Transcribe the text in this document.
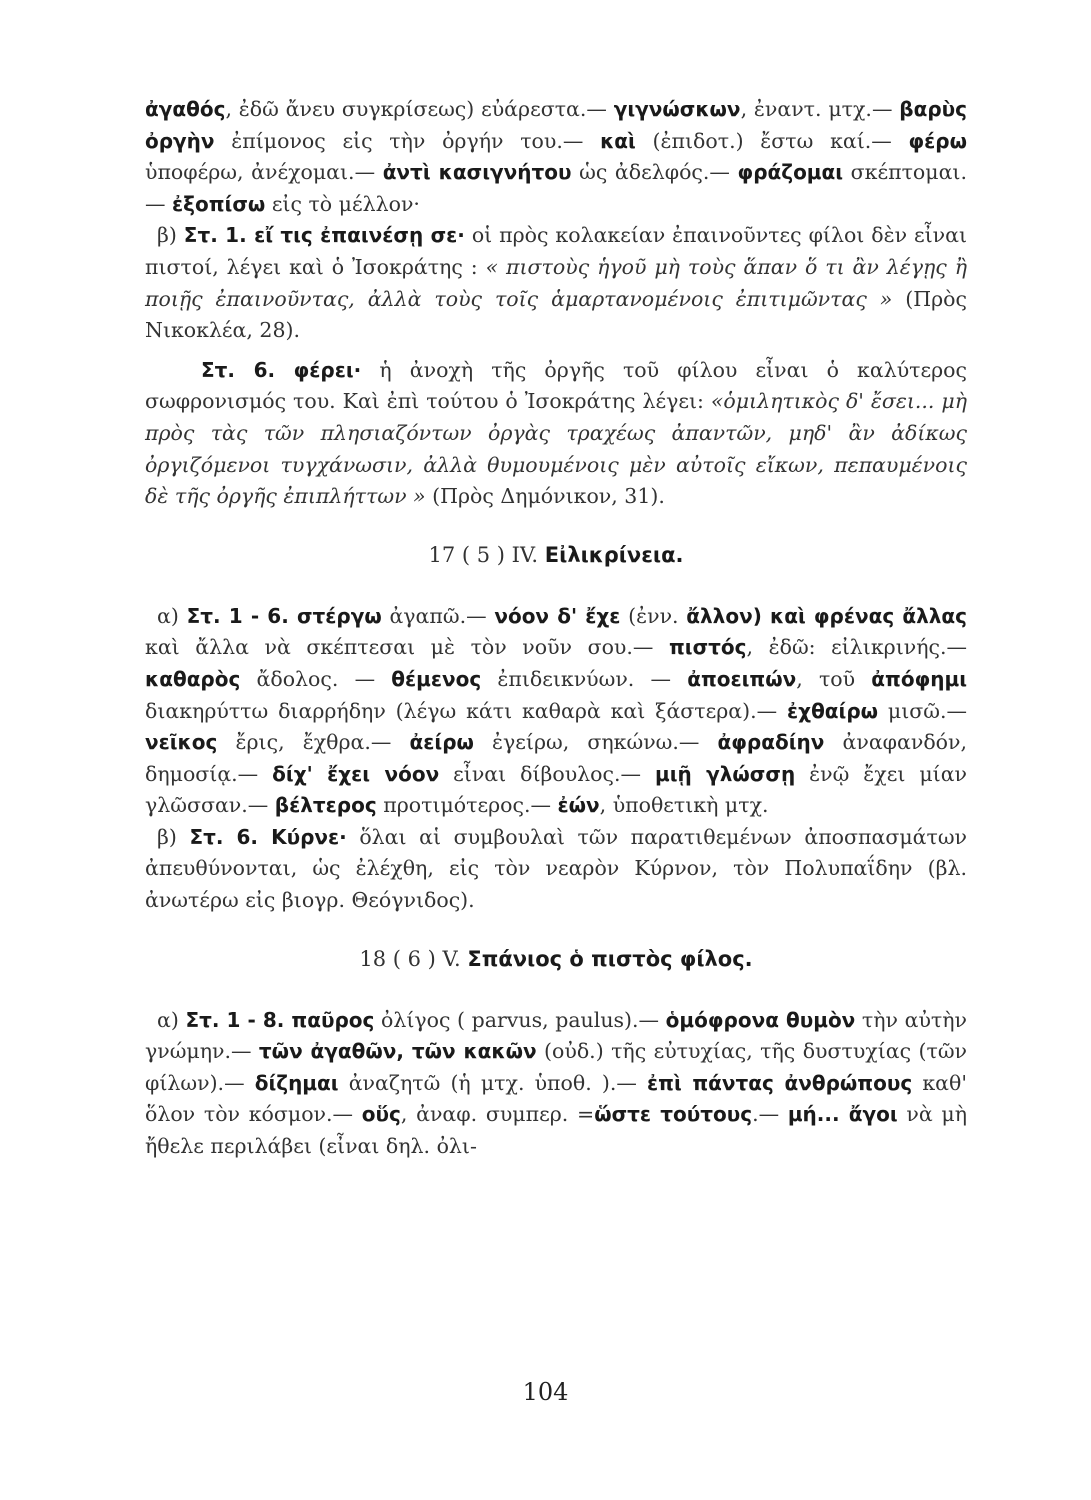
ἀγαθός, ἐδῶ ἄνευ συγκρίσεως) εὐάρεστα.— γιγνώσκων, ἐναντ. μτχ.— βαρὺς ὀργὴν ἐπίμονος εἰς τὴν ὀργήν του.— καὶ (ἐπιδοτ.) ἔστω καί.— φέρω ὑποφέρω, ἀνέχομαι.— ἀντὶ κασιγνήτου ὡς ἀδελφός.— φράζομαι σκέπτομαι.— ἐξοπίσω εἰς τὸ μέλλον·

β) Στ. 1. εἴ τις ἐπαινέσῃ σε· οἱ πρὸς κολακείαν ἐπαινοῦντες φίλοι δὲν εἶναι πιστοί, λέγει καὶ ὁ Ἰσοκράτης : « πιστοὺς ἡγοῦ μὴ τοὺς ἅπαν ὅ τι ἂν λέγῃς ἢ ποιῇς ἐπαινοῦντας, ἀλλὰ τοὺς τοῖς ἁμαρτανομένοις ἐπιτιμῶντας » (Πρὸς Νικοκλέα, 28).

Στ. 6. φέρει· ἡ ἀνοχὴ τῆς ὀργῆς τοῦ φίλου εἶναι ὁ καλύτερος σωφρονισμός του. Καὶ ἐπὶ τούτου ὁ Ἰσοκράτης λέγει: «ὁμιλητικὸς δ' ἔσει... μὴ πρὸς τὰς τῶν πλησιαζόντων ὀργὰς τραχέως ἀπαντῶν, μηδ' ἂν ἀδίκως ὀργιζόμενοι τυγχάνωσιν, ἀλλὰ θυμουμένοις μὲν αὐτοῖς εἴκων, πεπαυμένοις δὲ τῆς ὀργῆς ἐπιπλήττων » (Πρὸς Δημόνικον, 31).

17 ( 5 ) IV. Εἰλικρίνεια.

α) Στ. 1 - 6. στέργω ἀγαπῶ.— νόον δ' ἔχε (ἐνν. ἄλλον) καὶ φρένας ἄλλας καὶ ἄλλα νὰ σκέπτεσαι μὲ τὸν νοῦν σου.— πιστός, ἐδῶ: εἰλικρινής.— καθαρὸς ἄδολος. — θέμενος ἐπιδεικνύων. — ἀποειπών, τοῦ ἀπόφημι διακηρύττω διαρρήδην (λέγω κάτι καθαρὰ καὶ ξάστερα).— ἐχθαίρω μισῶ.— νεῖκος ἔρις, ἔχθρα.— ἀείρω ἐγείρω, σηκώνω.— ἀφραδίην ἀναφανδόν, δημοσίᾳ.— δίχ' ἔχει νόον εἶναι δίβουλος.— μιῇ γλώσσῃ ἐνῷ ἔχει μίαν γλῶσσαν.— βέλτερος προτιμότερος.— ἐών, ὑποθετικὴ μτχ.

β) Στ. 6. Κύρνε· ὅλαι αἱ συμβουλαὶ τῶν παρατιθεμένων ἀποσπασμάτων ἀπευθύνονται, ὡς ἐλέχθη, εἰς τὸν νεαρὸν Κύρνον, τὸν Πολυπαΐδην (βλ. ἀνωτέρω εἰς βιογρ. Θεόγνιδος).

18 ( 6 ) V. Σπάνιος ὁ πιστὸς φίλος.

α) Στ. 1 - 8. παῦρος ὀλίγος ( parvus, paulus).— ὁμόφρονα θυμὸν τὴν αὐτὴν γνώμην.— τῶν ἀγαθῶν, τῶν κακῶν (οὐδ.) τῆς εὐτυχίας, τῆς δυστυχίας (τῶν φίλων).— δίζημαι ἀναζητῶ (ἡ μτχ. ὑποθ. ).— ἐπὶ πάντας ἀνθρώπους καθ' ὅλον τὸν κόσμον.— οὕς, ἀναφ. συμπερ. =ὥστε τούτους.— μή... ἄγοι νὰ μὴ ἤθελε περιλάβει (εἶναι δηλ. ὀλι-

104
